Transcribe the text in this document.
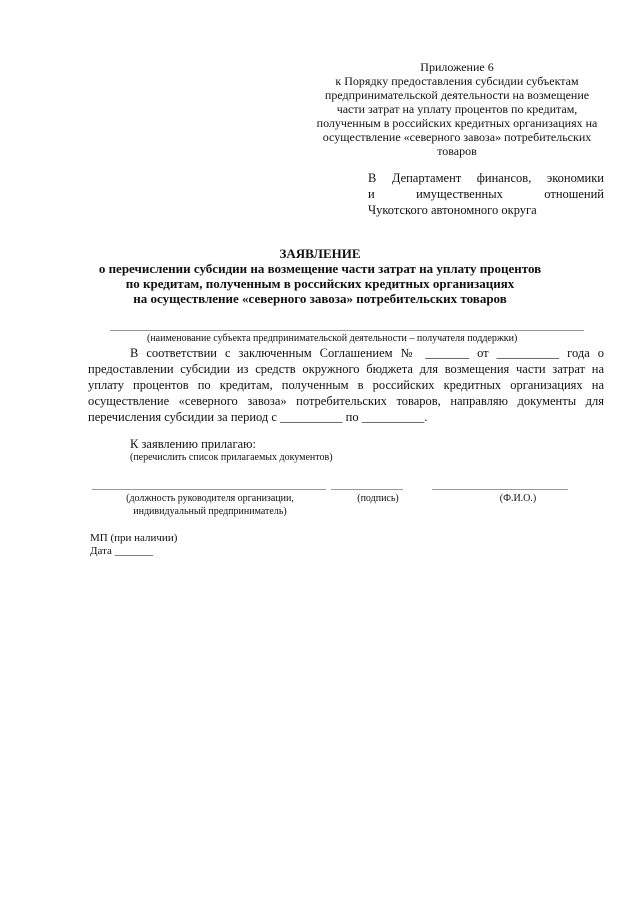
Приложение 6
к Порядку предоставления субсидии субъектам
предпринимательской деятельности на возмещение
части затрат на уплату процентов по кредитам,
полученным в российских кредитных организациях на
осуществление «северного завоза» потребительских
товаров
В Департамент финансов, экономики
и имущественных отношений
Чукотского автономного округа
ЗАЯВЛЕНИЕ
о перечислении субсидии на возмещение части затрат на уплату процентов
по кредитам, полученным в российских кредитных организациях
на осуществление «северного завоза» потребительских товаров
(наименование субъекта предпринимательской деятельности – получателя поддержки)
В соответствии с заключенным Соглашением № _______ от __________ года о
предоставлении субсидии из средств окружного бюджета для возмещения части затрат на
уплату процентов по кредитам, полученным в российских кредитных организациях на
осуществление «северного завоза» потребительских товаров, направляю документы для
перечисления субсидии за период с __________ по __________.
К заявлению прилагаю:
(перечислить список прилагаемых документов)
(должность руководителя организации,
индивидуальный предприниматель)
(подпись)	(Ф.И.О.)
МП (при наличии)
Дата _______
